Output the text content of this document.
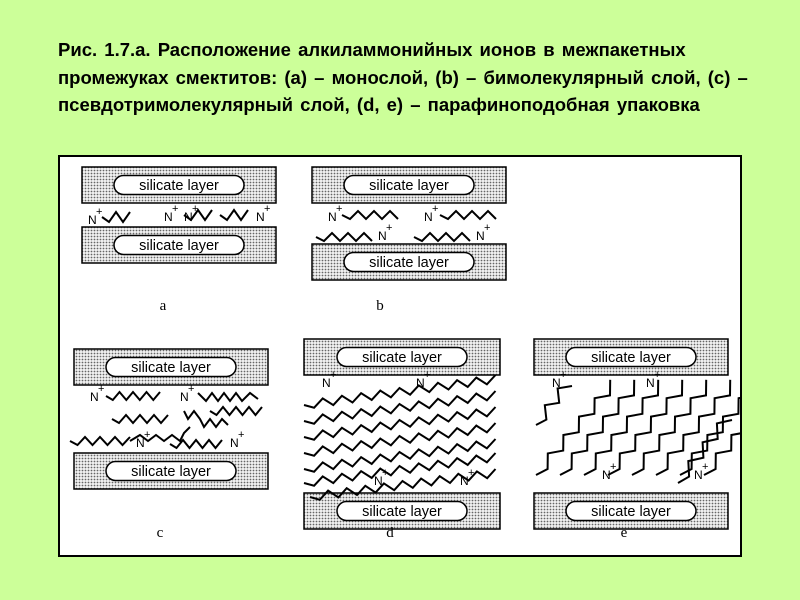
Рис. 1.7.а. Расположение алкиламмонийных ионов в межпакетных промежуках смектитов: (a) – монослой, (b) – бимолекулярный слой, (c) – псевдотримолекулярный слой, (d, e) – парафиноподобная упаковка

silicate layer
silicate layer
silicate layer
silicate layer
silicate layer
silicate layer
silicate layer
silicate layer
silicate layer
silicate layer
N
+	N
+
N
+
N
+
N
+
N
+
N
+
N
+
N
+
N
+
N
+
N
+
N
+
N
+
N
+
N
+
N
+
N
+
N
+
N
+
a	b
c	d	e
